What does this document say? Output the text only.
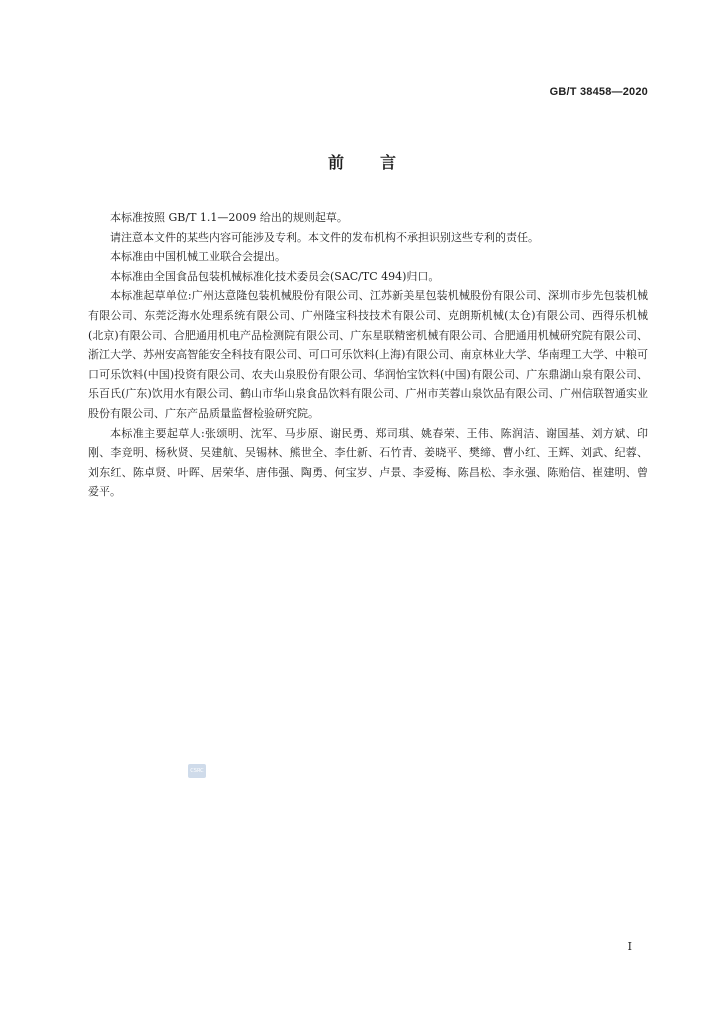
GB/T 38458—2020
前言

本标准按照 GB/T 1.1—2009 给出的规则起草。

请注意本文件的某些内容可能涉及专利。本文件的发布机构不承担识别这些专利的责任。

本标准由中国机械工业联合会提出。

本标准由全国食品包装机械标准化技术委员会(SAC/TC 494)归口。

本标准起草单位:广州达意隆包装机械股份有限公司、江苏新美星包装机械股份有限公司、深圳市步先包装机械有限公司、东莞泛海水处理系统有限公司、广州隆宝科技技术有限公司、克朗斯机械(太仓)有限公司、西得乐机械(北京)有限公司、合肥通用机电产品检测院有限公司、广东星联精密机械有限公司、合肥通用机械研究院有限公司、浙江大学、苏州安高智能安全科技有限公司、可口可乐饮料(上海)有限公司、南京林业大学、华南理工大学、中粮可口可乐饮料(中国)投资有限公司、农夫山泉股份有限公司、华润怡宝饮料(中国)有限公司、广东鼎湖山泉有限公司、乐百氏(广东)饮用水有限公司、鹤山市华山泉食品饮料有限公司、广州市芙蓉山泉饮品有限公司、广州信联智通实业股份有限公司、广东产品质量监督检验研究院。

本标准主要起草人:张颂明、沈军、马步原、谢民勇、郑司琪、姚春荣、王伟、陈润洁、谢国基、刘方斌、印刚、李竞明、杨秋贤、吴建航、吴锡林、熊世全、李仕新、石竹青、姜晓平、樊缔、曹小红、王辉、刘武、纪蓉、刘东红、陈卓贤、叶晖、居荣华、唐伟强、陶勇、何宝岁、卢景、李爱梅、陈昌松、李永强、陈贻信、崔建明、曾爱平。

CSRC
I
